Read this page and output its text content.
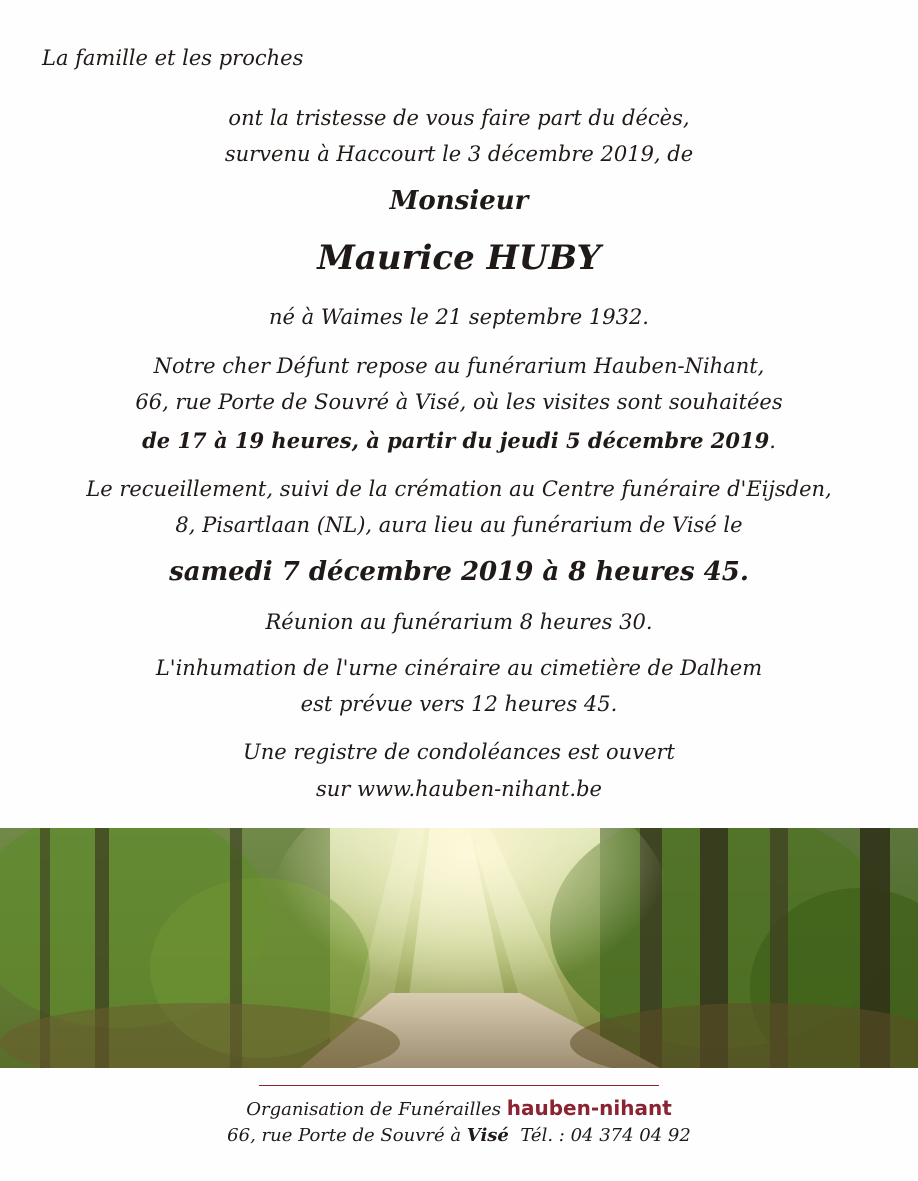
La famille et les proches
ont la tristesse de vous faire part du décès,
survenu à Haccourt le 3 décembre 2019, de
Monsieur
Maurice HUBY
né à Waimes le 21 septembre 1932.
Notre cher Défunt repose au funérarium Hauben-Nihant,
66, rue Porte de Souvré à Visé, où les visites sont souhaitées
de 17 à 19 heures, à partir du jeudi 5 décembre 2019.
Le recueillement, suivi de la crémation au Centre funéraire d'Eijsden,
8, Pisartlaan (NL), aura lieu au funérarium de Visé le
samedi 7 décembre 2019 à 8 heures 45.
Réunion au funérarium 8 heures 30.
L'inhumation de l'urne cinéraire au cimetière de Dalhem
est prévue vers 12 heures 45.
Une registre de condoléances est ouvert
sur www.hauben-nihant.be
Organisation de Funérailles hauben-nihant
66, rue Porte de Souvré à Visé Tél. : 04 374 04 92
